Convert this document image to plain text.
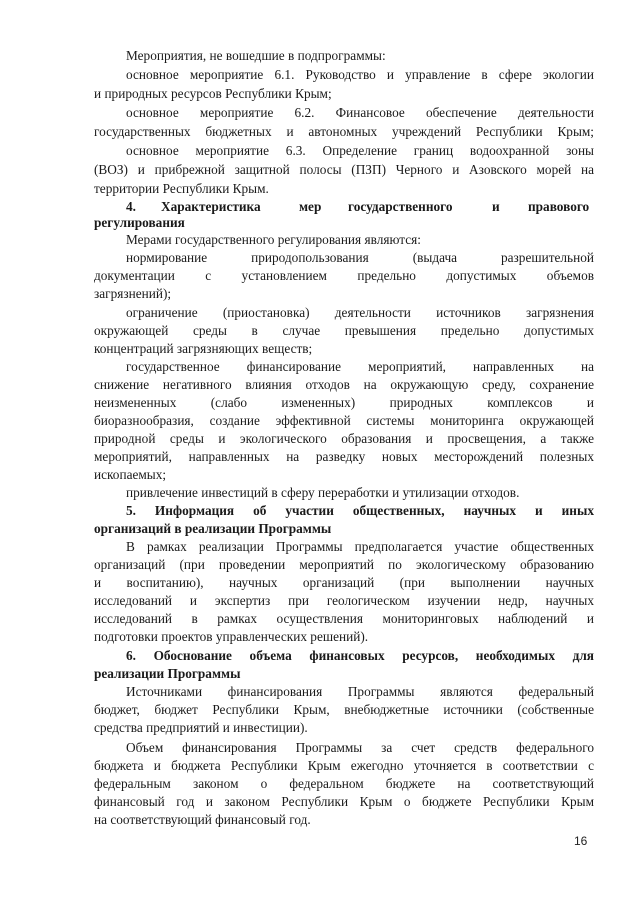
Мероприятия, не вошедшие в подпрограммы:
основное мероприятие 6.1. Руководство и управление в сфере экологии
и природных ресурсов Республики Крым;
основное мероприятие 6.2. Финансовое обеспечение деятельности
государственных бюджетных и автономных учреждений Республики Крым;
основное мероприятие 6.3. Определение границ водоохранной зоны
(ВОЗ) и прибрежной защитной полосы (ПЗП) Черного и Азовского морей на
территории Республики Крым.
4. Характеристика	мер государственного	и правового
регулирования
Мерами государственного регулирования являются:
нормирование природопользования (выдача разрешительной
документации с установлением предельно допустимых объемов
загрязнений);
ограничение (приостановка) деятельности источников загрязнения
окружающей среды в случае превышения предельно допустимых
концентраций загрязняющих веществ;
государственное финансирование мероприятий, направленных на
снижение негативного влияния отходов на окружающую среду, сохранение
неизмененных (слабо измененных) природных комплексов и
биоразнообразия, создание эффективной системы мониторинга окружающей
природной среды и экологического образования и просвещения, а также
мероприятий, направленных на разведку новых месторождений полезных
ископаемых;
привлечение инвестиций в сферу переработки и утилизации отходов.
5. Информация об участии общественных, научных и иных
организаций в реализации Программы
В рамках реализации Программы предполагается участие общественных
организаций (при проведении мероприятий по экологическому образованию
и воспитанию), научных организаций (при выполнении научных
исследований и экспертиз при геологическом изучении недр, научных
исследований в рамках осуществления мониторинговых наблюдений и
подготовки проектов управленческих решений).
6. Обоснование объема финансовых ресурсов, необходимых для
реализации Программы
Источниками финансирования Программы являются федеральный
бюджет, бюджет Республики Крым, внебюджетные источники (собственные
средства предприятий и инвестиции).
Объем финансирования Программы за счет средств федерального
бюджета и бюджета Республики Крым ежегодно уточняется в соответствии с
федеральным законом о федеральном бюджете на соответствующий
финансовый год и законом Республики Крым о бюджете Республики Крым
на соответствующий финансовый год.
16
